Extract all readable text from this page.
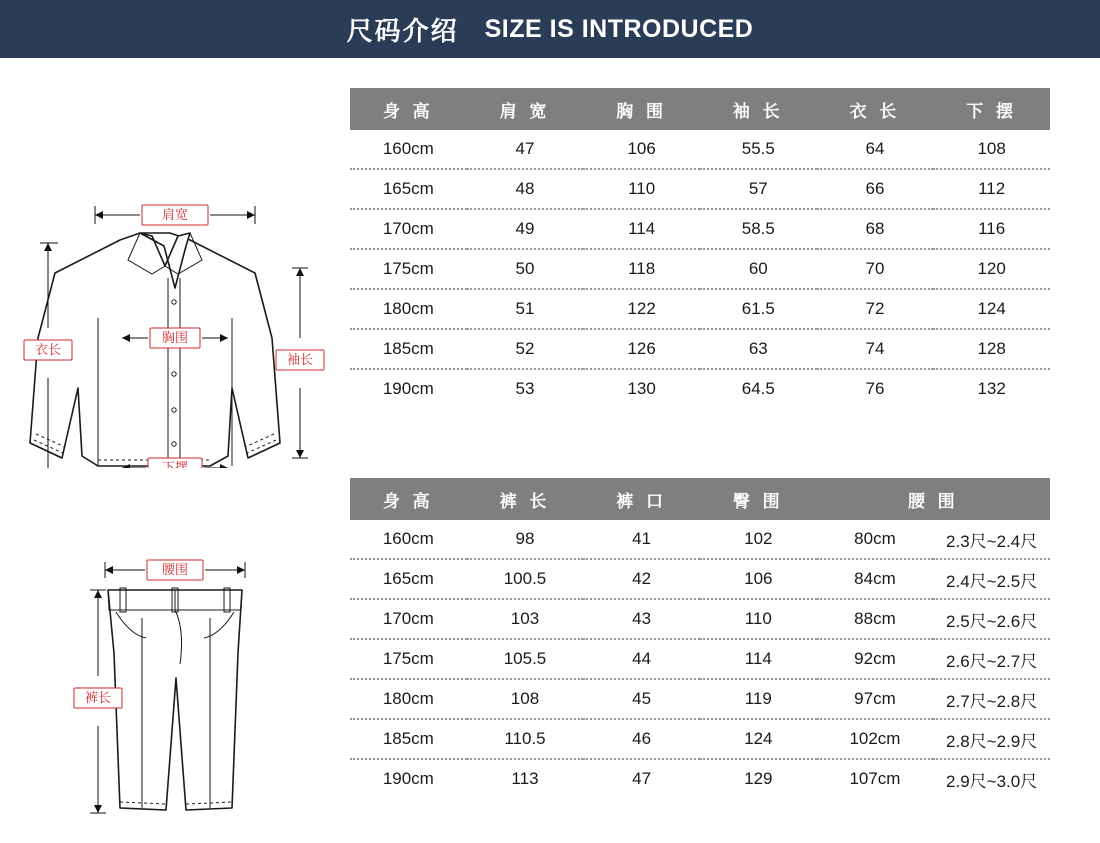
尺码介绍 SIZE IS INTRODUCED
肩宽
胸围
下摆
衣长
袖长
身 高	肩 宽	胸 围	袖 长	衣 长	下 摆
160cm	47	106	55.5	64	108
165cm	48	110	57	66	112
170cm	49	114	58.5	68	116
175cm	50	118	60	70	120
180cm	51	122	61.5	72	124
185cm	52	126	63	74	128
190cm	53	130	64.5	76	132
腰围
裤长
身 高	裤 长	裤 口	臀 围	腰 围	
160cm	98	41	102	80cm	2.3尺~2.4尺
165cm	100.5	42	106	84cm	2.4尺~2.5尺
170cm	103	43	110	88cm	2.5尺~2.6尺
175cm	105.5	44	114	92cm	2.6尺~2.7尺
180cm	108	45	119	97cm	2.7尺~2.8尺
185cm	110.5	46	124	102cm	2.8尺~2.9尺
190cm	113	47	129	107cm	2.9尺~3.0尺
